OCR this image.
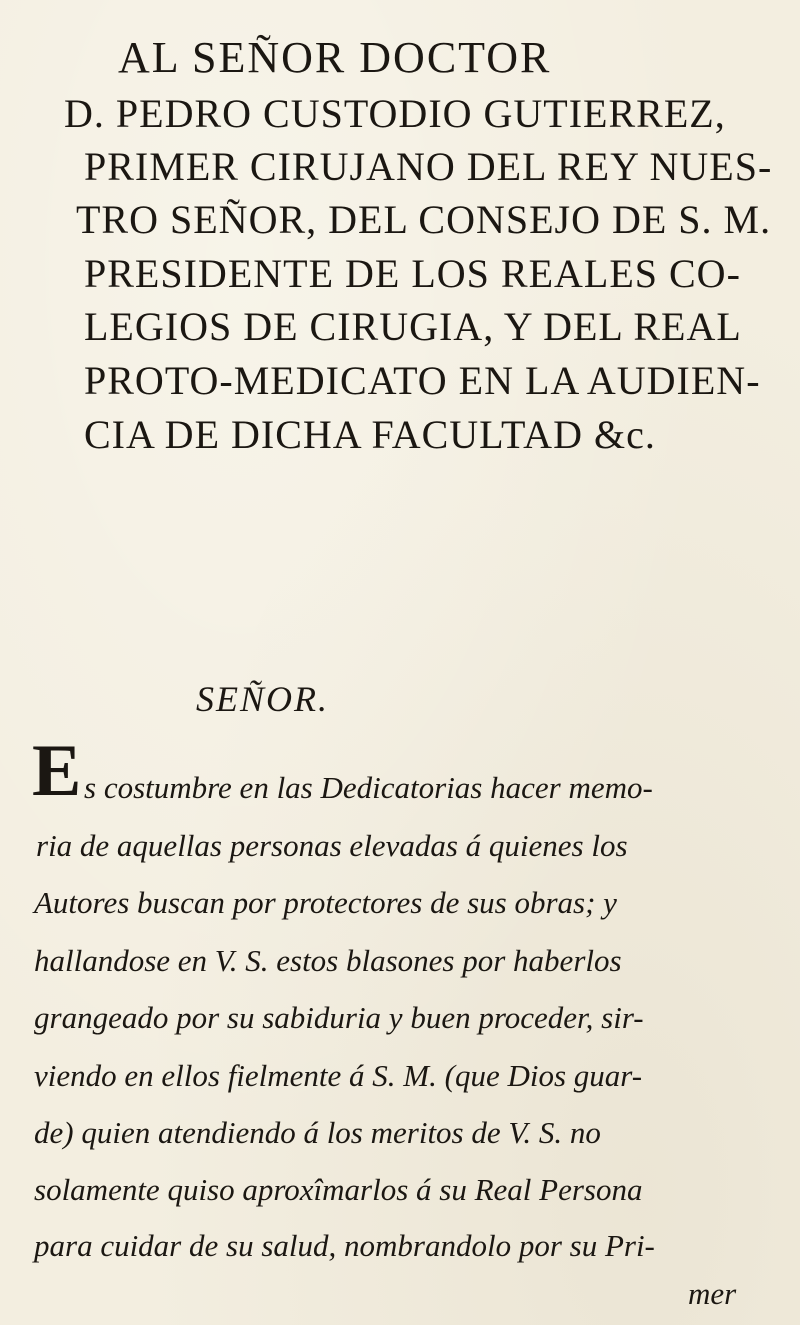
AL SEÑOR DOCTOR
D. PEDRO CUSTODIO GUTIERREZ,
PRIMER CIRUJANO DEL REY NUES-
TRO SEÑOR, DEL CONSEJO DE S. M.
PRESIDENTE DE LOS REALES CO-
LEGIOS DE CIRUGIA, Y DEL REAL
PROTO-MEDICATO EN LA AUDIEN-
CIA DE DICHA FACULTAD &c.
SEÑOR.
E s costumbre en las Dedicatorias hacer memo-
ria de aquellas personas elevadas á quienes los
Autores buscan por protectores de sus obras; y
hallandose en V. S. estos blasones por haberlos
grangeado por su sabiduria y buen proceder, sir-
viendo en ellos fielmente á S. M. (que Dios guar-
de) quien atendiendo á los meritos de V. S. no
solamente quiso aproxîmarlos á su Real Persona
para cuidar de su salud, nombrandolo por su Pri-
mer
